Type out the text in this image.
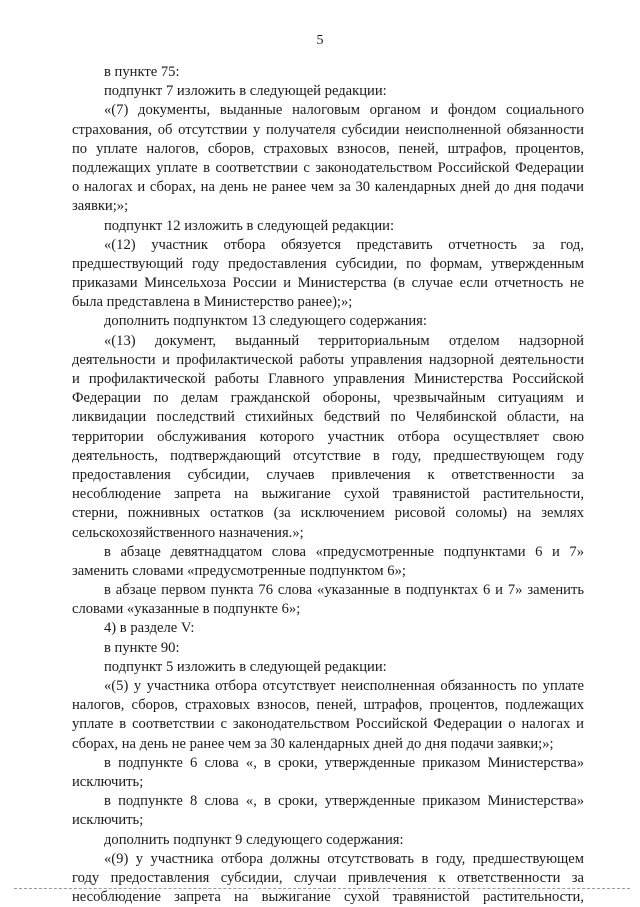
5
в пункте 75:
подпункт 7 изложить в следующей редакции:
«(7) документы, выданные налоговым органом и фондом социального
страхования, об отсутствии у получателя субсидии неисполненной обязанности
по уплате налогов, сборов, страховых взносов, пеней, штрафов, процентов,
подлежащих уплате в соответствии с законодательством Российской Федерации
о налогах и сборах, на день не ранее чем за 30 календарных дней до дня подачи
заявки;»;
подпункт 12 изложить в следующей редакции:
«(12) участник отбора обязуется представить отчетность за год,
предшествующий году предоставления субсидии, по формам, утвержденным
приказами Минсельхоза России и Министерства (в случае если отчетность не
была представлена в Министерство ранее);»;
дополнить подпунктом 13 следующего содержания:
«(13) документ, выданный территориальным отделом надзорной
деятельности и профилактической работы управления надзорной деятельности
и профилактической работы Главного управления Министерства Российской
Федерации по делам гражданской обороны, чрезвычайным ситуациям и
ликвидации последствий стихийных бедствий по Челябинской области, на
территории обслуживания которого участник отбора осуществляет свою
деятельность, подтверждающий отсутствие в году, предшествующем году
предоставления субсидии, случаев привлечения к ответственности за
несоблюдение запрета на выжигание сухой травянистой растительности,
стерни, пожнивных остатков (за исключением рисовой соломы) на землях
сельскохозяйственного назначения.»;
в абзаце девятнадцатом слова «предусмотренные подпунктами 6 и 7»
заменить словами «предусмотренные подпунктом 6»;
в абзаце первом пункта 76 слова «указанные в подпунктах 6 и 7» заменить
словами «указанные в подпункте 6»;
4) в разделе V:
в пункте 90:
подпункт 5 изложить в следующей редакции:
«(5) у участника отбора отсутствует неисполненная обязанность по уплате
налогов, сборов, страховых взносов, пеней, штрафов, процентов, подлежащих
уплате в соответствии с законодательством Российской Федерации о налогах и
сборах, на день не ранее чем за 30 календарных дней до дня подачи заявки;»;
в подпункте 6 слова «, в сроки, утвержденные приказом Министерства»
исключить;
в подпункте 8 слова «, в сроки, утвержденные приказом Министерства»
исключить;
дополнить подпункт 9 следующего содержания:
«(9) у участника отбора должны отсутствовать в году, предшествующем
году предоставления субсидии, случаи привлечения к ответственности за
несоблюдение запрета на выжигание сухой травянистой растительности,
